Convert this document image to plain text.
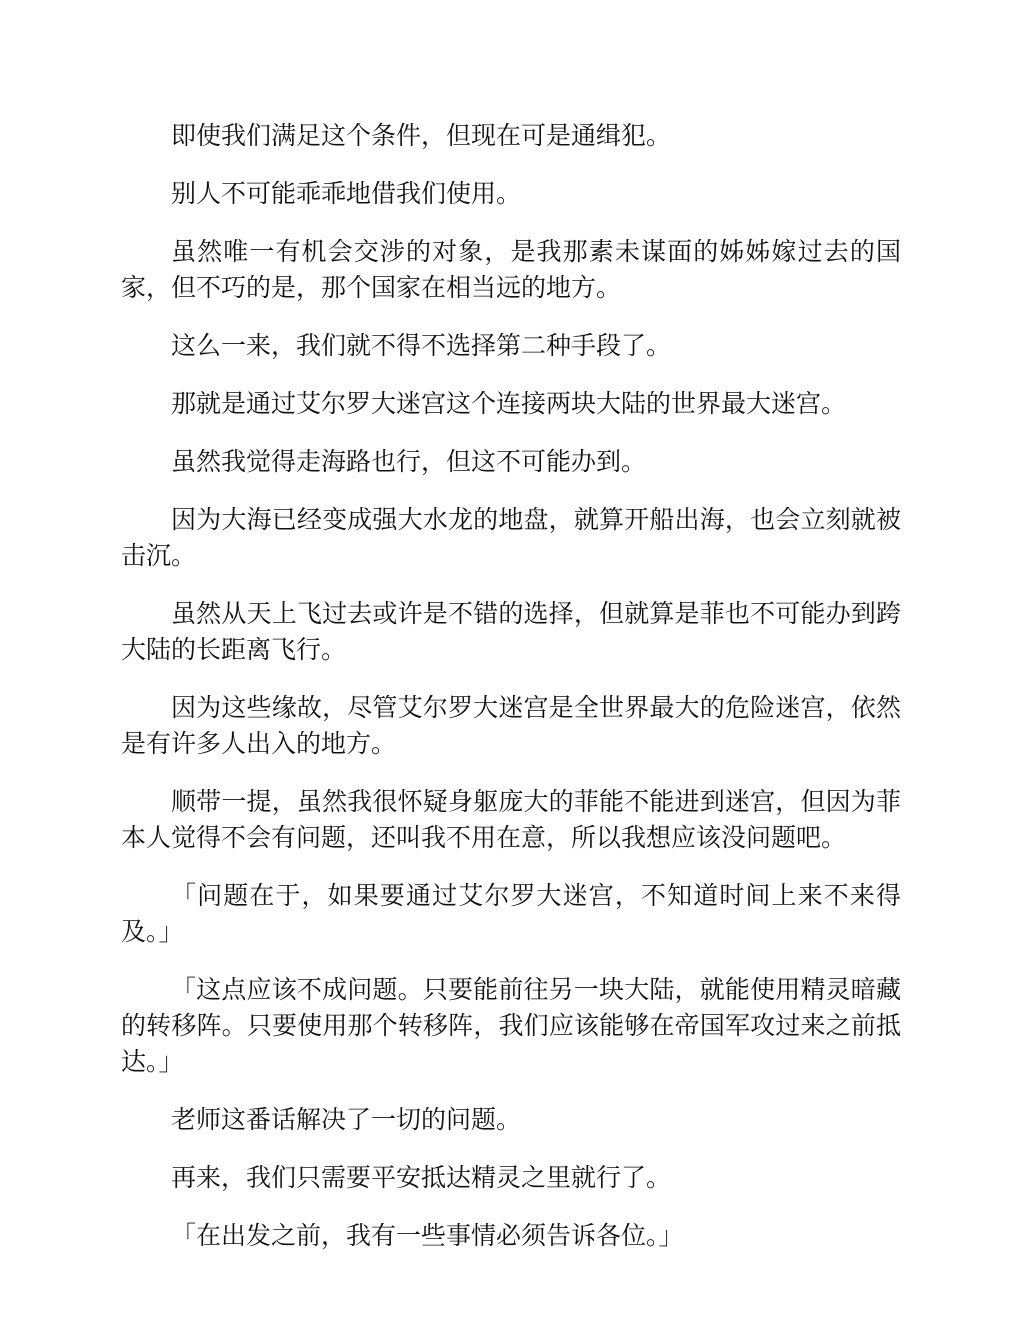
即使我们满足这个条件，但现在可是通缉犯。

别人不可能乖乖地借我们使用。

虽然唯一有机会交涉的对象，是我那素未谋面的姊姊嫁过去的国家，但不巧的是，那个国家在相当远的地方。

这么一来，我们就不得不选择第二种手段了。

那就是通过艾尔罗大迷宫这个连接两块大陆的世界最大迷宫。

虽然我觉得走海路也行，但这不可能办到。

因为大海已经变成强大水龙的地盘，就算开船出海，也会立刻就被击沉。

虽然从天上飞过去或许是不错的选择，但就算是菲也不可能办到跨大陆的长距离飞行。

因为这些缘故，尽管艾尔罗大迷宫是全世界最大的危险迷宫，依然是有许多人出入的地方。

顺带一提，虽然我很怀疑身躯庞大的菲能不能进到迷宫，但因为菲本人觉得不会有问题，还叫我不用在意，所以我想应该没问题吧。

「问题在于，如果要通过艾尔罗大迷宫，不知道时间上来不来得及。」

「这点应该不成问题。只要能前往另一块大陆，就能使用精灵暗藏的转移阵。只要使用那个转移阵，我们应该能够在帝国军攻过来之前抵达。」

老师这番话解决了一切的问题。

再来，我们只需要平安抵达精灵之里就行了。

「在出发之前，我有一些事情必须告诉各位。」
